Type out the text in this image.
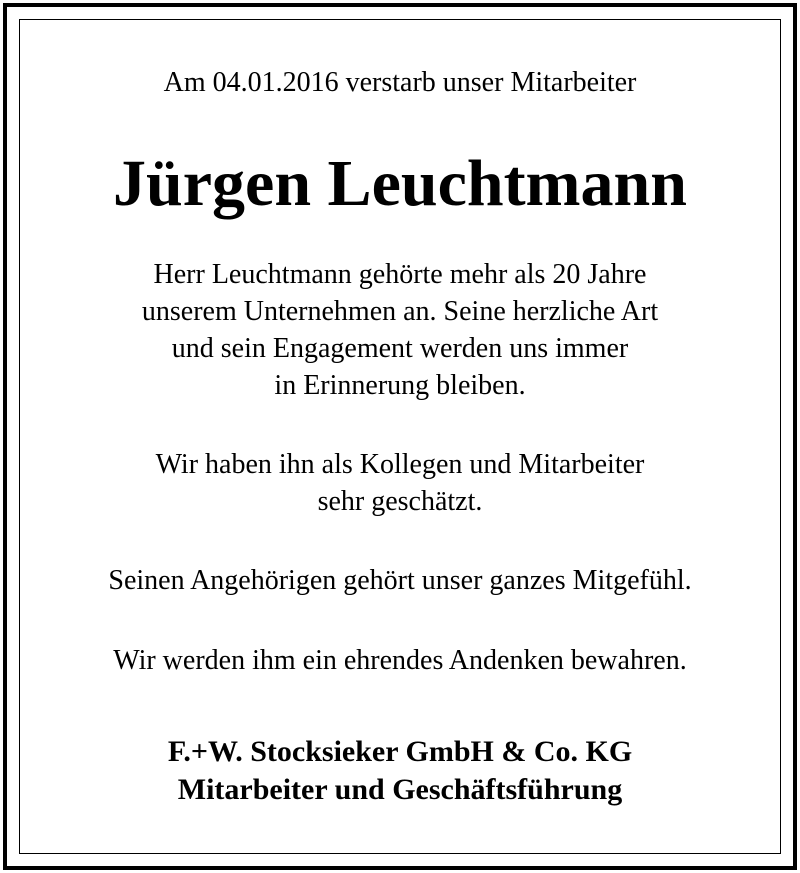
Am 04.01.2016 verstarb unser Mitarbeiter
Jürgen Leuchtmann
Herr Leuchtmann gehörte mehr als 20 Jahre
unserem Unternehmen an. Seine herzliche Art
und sein Engagement werden uns immer
in Erinnerung bleiben.
Wir haben ihn als Kollegen und Mitarbeiter
sehr geschätzt.
Seinen Angehörigen gehört unser ganzes Mitgefühl.
Wir werden ihm ein ehrendes Andenken bewahren.
F.+W. Stocksieker GmbH & Co. KG
Mitarbeiter und Geschäftsführung
